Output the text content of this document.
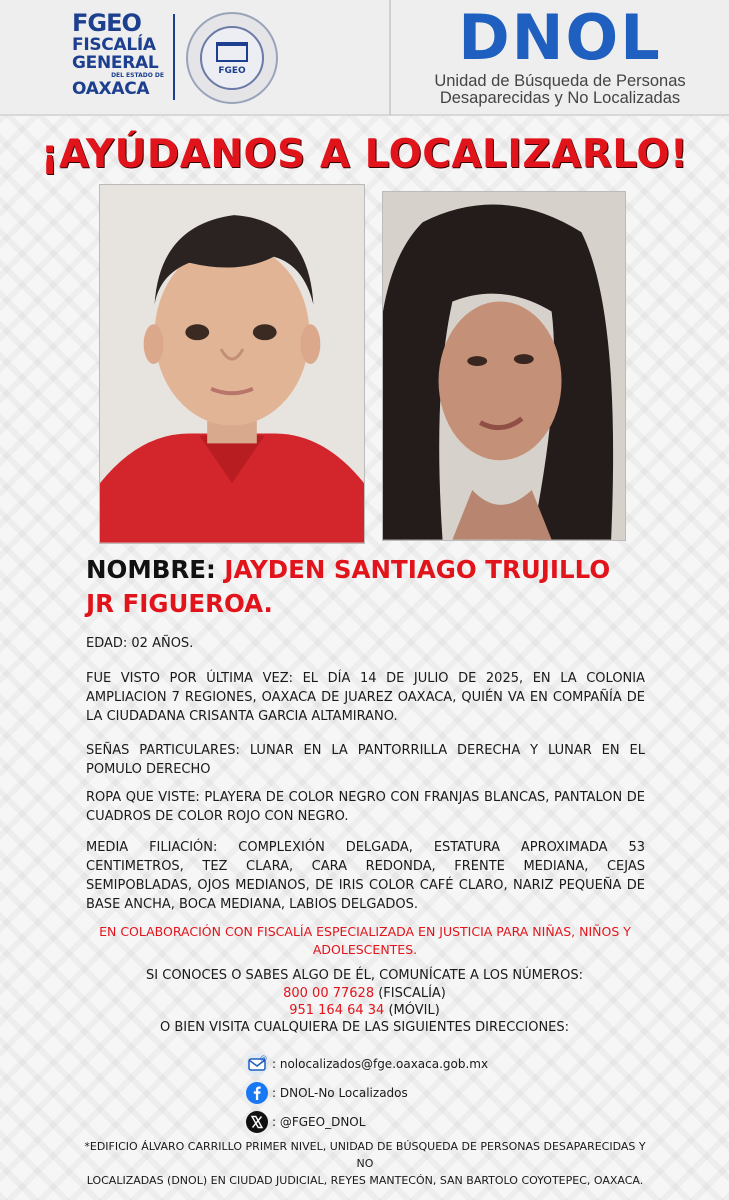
FGEO
FISCALÍA
GENERAL
DEL ESTADO DE
OAXACA
FGEO	DNOL
Unidad de Búsqueda de Personas
Desaparecidas y No Localizadas
¡AYÚDANOS A LOCALIZARLO!
NOMBRE: JAYDEN SANTIAGO TRUJILLO
JR FIGUEROA.
EDAD: 02 AÑOS.
FUE VISTO POR ÚLTIMA VEZ: EL DÍA 14 DE JULIO DE 2025, EN LA COLONIA AMPLIACION 7 REGIONES, OAXACA DE JUAREZ OAXACA, QUIÉN VA EN COMPAÑÍA DE LA CIUDADANA CRISANTA GARCIA ALTAMIRANO.
SEÑAS PARTICULARES: LUNAR EN LA PANTORRILLA DERECHA Y LUNAR EN EL POMULO DERECHO
ROPA QUE VISTE: PLAYERA DE COLOR NEGRO CON FRANJAS BLANCAS, PANTALON DE CUADROS DE COLOR ROJO CON NEGRO.
MEDIA FILIACIÓN: COMPLEXIÓN DELGADA, ESTATURA APROXIMADA 53 CENTIMETROS, TEZ CLARA, CARA REDONDA, FRENTE MEDIANA, CEJAS SEMIPOBLADAS, OJOS MEDIANOS, DE IRIS COLOR CAFÉ CLARO, NARIZ PEQUEÑA DE BASE ANCHA, BOCA MEDIANA, LABIOS DELGADOS.
EN COLABORACIÓN CON FISCALÍA ESPECIALIZADA EN JUSTICIA PARA NIÑAS, NIÑOS Y
ADOLESCENTES.
SI CONOCES O SABES ALGO DE ÉL, COMUNÍCATE A LOS NÚMEROS:
800 00 77628 (FISCALÍA)
951 164 64 34 (MÓVIL)
O BIEN VISITA CUALQUIERA DE LAS SIGUIENTES DIRECCIONES:
@ : nolocalizados@fge.oaxaca.gob.mx
: DNOL-No Localizados
: @FGEO_DNOL
*EDIFICIO ÁLVARO CARRILLO PRIMER NIVEL, UNIDAD DE BÚSQUEDA DE PERSONAS DESAPARECIDAS Y NO
LOCALIZADAS (DNOL) EN CIUDAD JUDICIAL, REYES MANTECÓN, SAN BARTOLO COYOTEPEC, OAXACA.
